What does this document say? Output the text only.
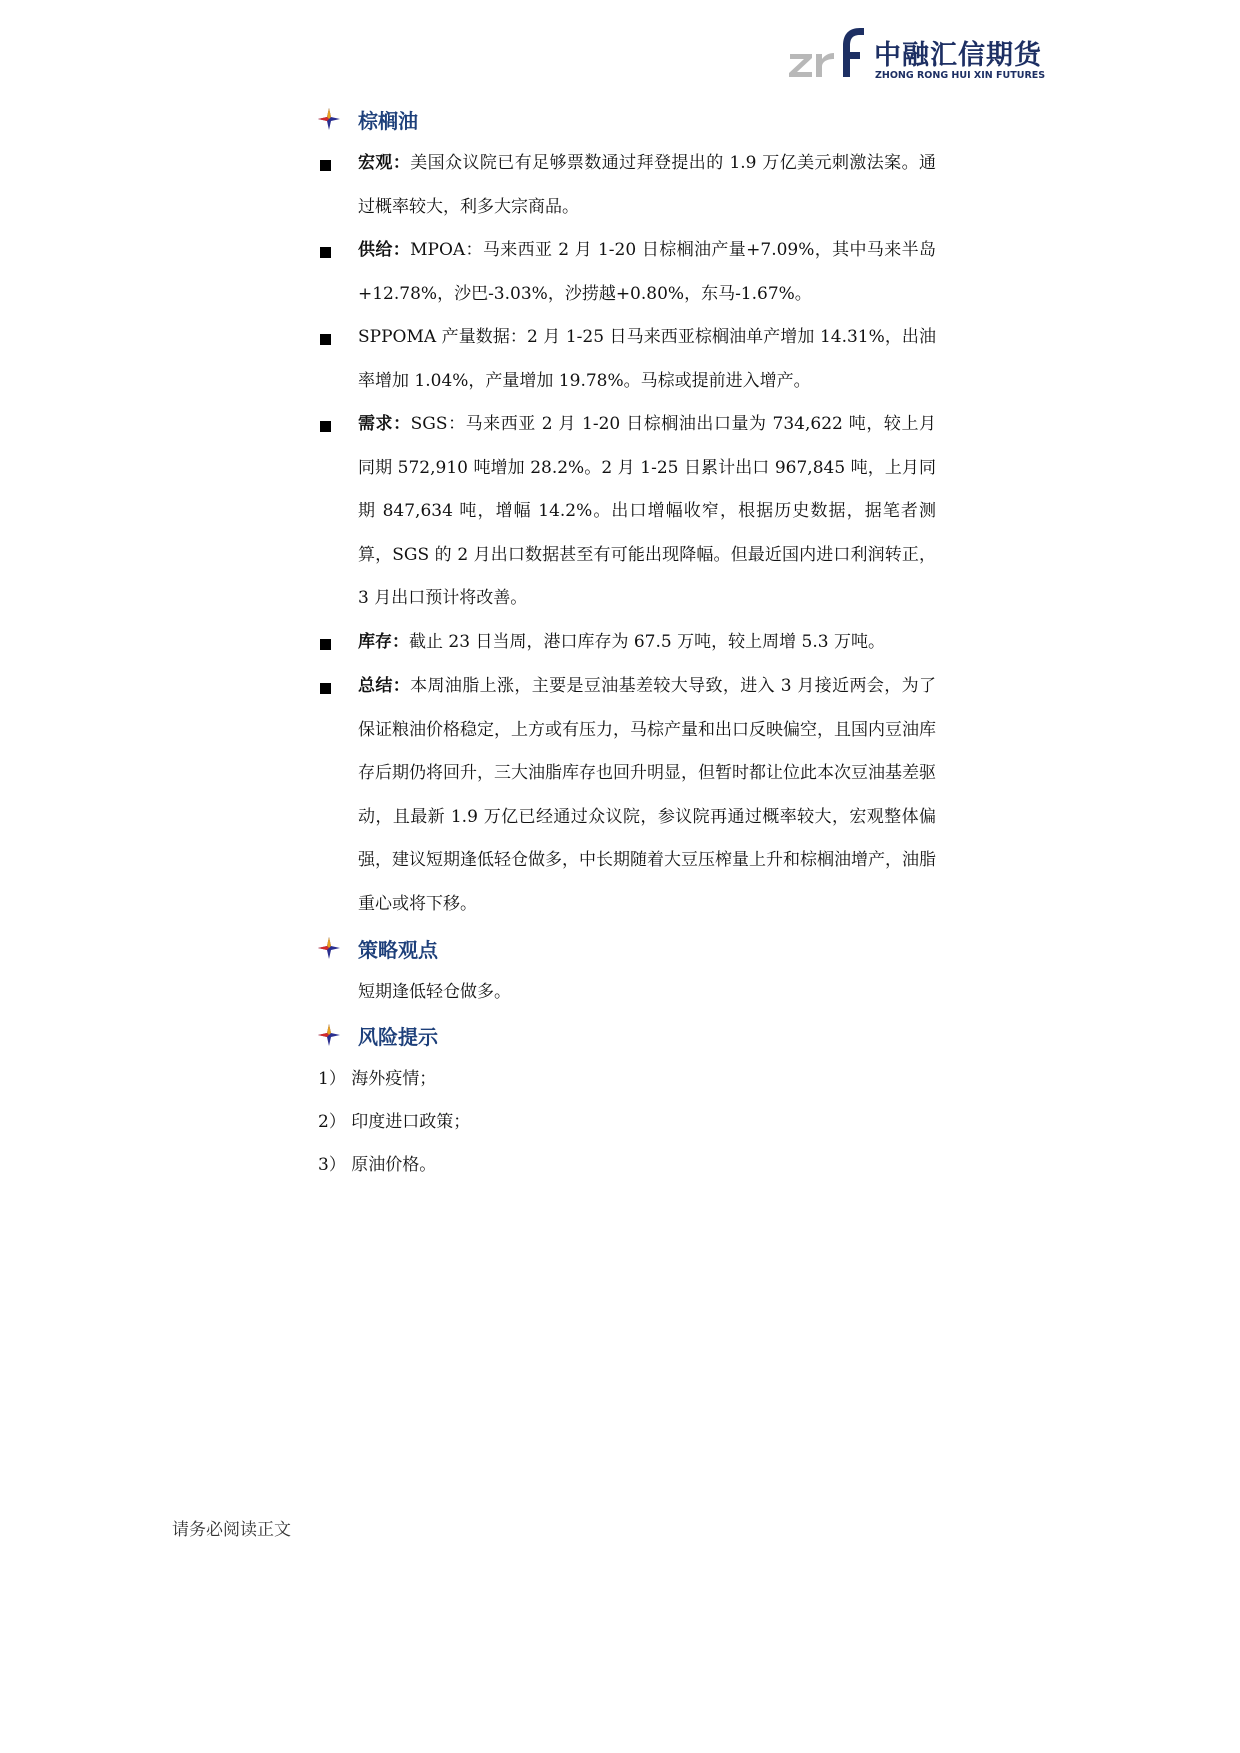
中融汇信期货
ZHONG RONG HUI XIN FUTURES
棕榈油
宏观：美国众议院已有足够票数通过拜登提出的 1.9 万亿美元刺激法案。通过概率较大，利多大宗商品。
供给：MPOA：马来西亚 2 月 1-20 日棕榈油产量+7.09%，其中马来半岛+12.78%，沙巴-3.03%，沙捞越+0.80%，东马-1.67%。
SPPOMA 产量数据：2 月 1-25 日马来西亚棕榈油单产增加 14.31%，出油率增加 1.04%，产量增加 19.78%。马棕或提前进入增产。
需求：SGS：马来西亚 2 月 1-20 日棕榈油出口量为 734,622 吨，较上月同期 572,910 吨增加 28.2%。2 月 1-25 日累计出口 967,845 吨，上月同期 847,634 吨，增幅 14.2%。出口增幅收窄，根据历史数据，据笔者测算，SGS 的 2 月出口数据甚至有可能出现降幅。但最近国内进口利润转正，3 月出口预计将改善。
库存：截止 23 日当周，港口库存为 67.5 万吨，较上周增 5.3 万吨。
总结：本周油脂上涨，主要是豆油基差较大导致，进入 3 月接近两会，为了保证粮油价格稳定，上方或有压力，马棕产量和出口反映偏空，且国内豆油库存后期仍将回升，三大油脂库存也回升明显，但暂时都让位此本次豆油基差驱动，且最新 1.9 万亿已经通过众议院，参议院再通过概率较大，宏观整体偏强，建议短期逢低轻仓做多，中长期随着大豆压榨量上升和棕榈油增产，油脂重心或将下移。
策略观点
短期逢低轻仓做多。
风险提示
1） 海外疫情；
2） 印度进口政策；
3） 原油价格。
请务必阅读正文
